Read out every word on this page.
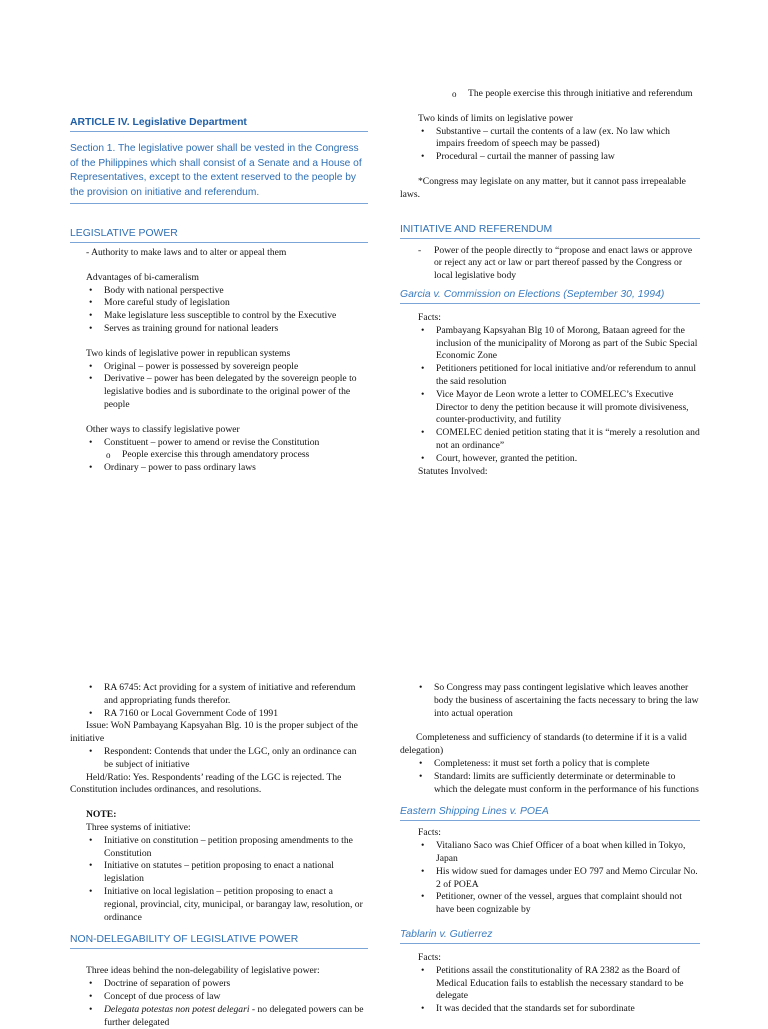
ARTICLE IV. Legislative Department

Section 1. The legislative power shall be vested in the Congress of the Philippines which shall consist of a Senate and a House of Representatives, except to the extent reserved to the people by the provision on initiative and referendum.

LEGISLATIVE POWER

- Authority to make laws and to alter or appeal them

Advantages of bi-cameralism

• Body with national perspective
• More careful study of legislation
• Make legislature less susceptible to control by the Executive
• Serves as training ground for national leaders

Two kinds of legislative power in republican systems

• Original – power is possessed by sovereign people
• Derivative – power has been delegated by the sovereign people to legislative bodies and is subordinate to the original power of the people

Other ways to classify legislative power

• Constituent – power to amend or revise the Constitution
o People exercise this through amendatory process
• Ordinary – power to pass ordinary laws
o The people exercise this through initiative and referendum

Two kinds of limits on legislative power

• Substantive – curtail the contents of a law (ex. No law which impairs freedom of speech may be passed)
• Procedural – curtail the manner of passing law

*Congress may legislate on any matter, but it cannot pass irrepealable laws.

INITIATIVE AND REFERENDUM
- Power of the people directly to “propose and enact laws or approve or reject any act or law or part thereof passed by the Congress or local legislative body
Garcia v. Commission on Elections (September 30, 1994)

Facts:

• Pambayang Kapsyahan Blg 10 of Morong, Bataan agreed for the inclusion of the municipality of Morong as part of the Subic Special Economic Zone
• Petitioners petitioned for local initiative and/or referendum to annul the said resolution
• Vice Mayor de Leon wrote a letter to COMELEC’s Executive Director to deny the petition because it will promote divisiveness, counter-productivity, and futility
• COMELEC denied petition stating that it is “merely a resolution and not an ordinance”
• Court, however, granted the petition.

Statutes Involved:

• RA 6745: Act providing for a system of initiative and referendum and appropriating funds therefor.
• RA 7160 or Local Government Code of 1991

Issue: WoN Pambayang Kapsyahan Blg. 10 is the proper subject of the initiative

• Respondent: Contends that under the LGC, only an ordinance can be subject of initiative

Held/Ratio: Yes. Respondents’ reading of the LGC is rejected. The Constitution includes ordinances, and resolutions.

NOTE:

Three systems of initiative:

• Initiative on constitution – petition proposing amendments to the Constitution
• Initiative on statutes – petition proposing to enact a national legislation
• Initiative on local legislation – petition proposing to enact a regional, provincial, city, municipal, or barangay law, resolution, or ordinance
NON-DELEGABILITY OF LEGISLATIVE POWER

Three ideas behind the non-delegability of legislative power:

• Doctrine of separation of powers
• Concept of due process of law
• Delegata potestas non potest delegari - no delegated powers can be further delegated
• So Congress may pass contingent legislative which leaves another body the business of ascertaining the facts necessary to bring the law into actual operation

Completeness and sufficiency of standards (to determine if it is a valid delegation)

• Completeness: it must set forth a policy that is complete
• Standard: limits are sufficiently determinate or determinable to which the delegate must conform in the performance of his functions
Eastern Shipping Lines v. POEA

Facts:

• Vitaliano Saco was Chief Officer of a boat when killed in Tokyo, Japan
• His widow sued for damages under EO 797 and Memo Circular No. 2 of POEA
• Petitioner, owner of the vessel, argues that complaint should not have been cognizable by
Tablarin v. Gutierrez

Facts:

• Petitions assail the constitutionality of RA 2382 as the Board of Medical Education fails to establish the necessary standard to be delegate
• It was decided that the standards set for subordinate
